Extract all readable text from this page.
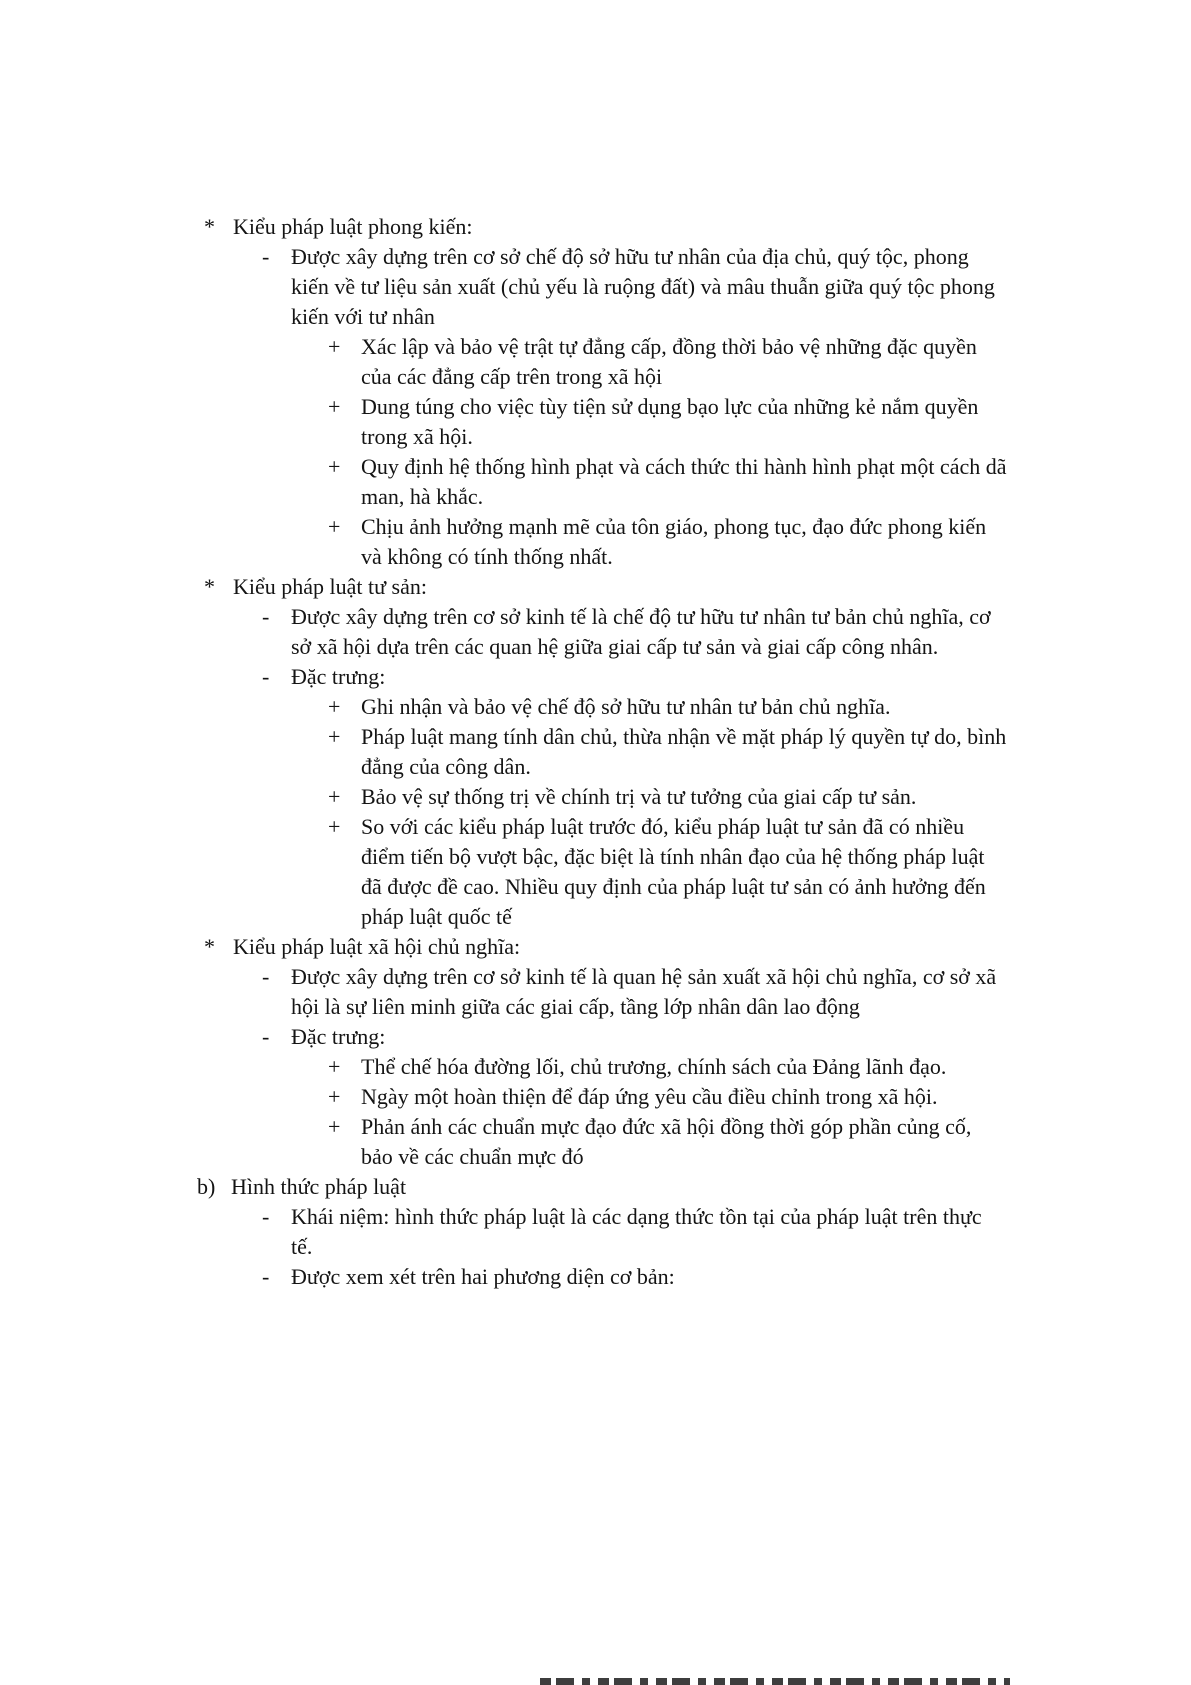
* Kiểu pháp luật phong kiến:
- Được xây dựng trên cơ sở chế độ sở hữu tư nhân của địa chủ, quý tộc, phong kiến về tư liệu sản xuất (chủ yếu là ruộng đất) và mâu thuẫn giữa quý tộc phong kiến với tư nhân
+ Xác lập và bảo vệ trật tự đẳng cấp, đồng thời bảo vệ những đặc quyền của các đẳng cấp trên trong xã hội
+ Dung túng cho việc tùy tiện sử dụng bạo lực của những kẻ nắm quyền trong xã hội.
+ Quy định hệ thống hình phạt và cách thức thi hành hình phạt một cách dã man, hà khắc.
+ Chịu ảnh hưởng mạnh mẽ của tôn giáo, phong tục, đạo đức phong kiến và không có tính thống nhất.
* Kiểu pháp luật tư sản:
- Được xây dựng trên cơ sở kinh tế là chế độ tư hữu tư nhân tư bản chủ nghĩa, cơ sở xã hội dựa trên các quan hệ giữa giai cấp tư sản và giai cấp công nhân.
- Đặc trưng:
+ Ghi nhận và bảo vệ chế độ sở hữu tư nhân tư bản chủ nghĩa.
+ Pháp luật mang tính dân chủ, thừa nhận về mặt pháp lý quyền tự do, bình đẳng của công dân.
+ Bảo vệ sự thống trị về chính trị và tư tưởng của giai cấp tư sản.
+ So với các kiểu pháp luật trước đó, kiểu pháp luật tư sản đã có nhiều điểm tiến bộ vượt bậc, đặc biệt là tính nhân đạo của hệ thống pháp luật đã được đề cao. Nhiều quy định của pháp luật tư sản có ảnh hưởng đến pháp luật quốc tế
* Kiểu pháp luật xã hội chủ nghĩa:
- Được xây dựng trên cơ sở kinh tế là quan hệ sản xuất xã hội chủ nghĩa, cơ sở xã hội là sự liên minh giữa các giai cấp, tầng lớp nhân dân lao động
- Đặc trưng:
+ Thể chế hóa đường lối, chủ trương, chính sách của Đảng lãnh đạo.
+ Ngày một hoàn thiện để đáp ứng yêu cầu điều chỉnh trong xã hội.
+ Phản ánh các chuẩn mực đạo đức xã hội đồng thời góp phần củng cố, bảo về các chuẩn mực đó
b) Hình thức pháp luật
- Khái niệm: hình thức pháp luật là các dạng thức tồn tại của pháp luật trên thực tế.
- Được xem xét trên hai phương diện cơ bản:
